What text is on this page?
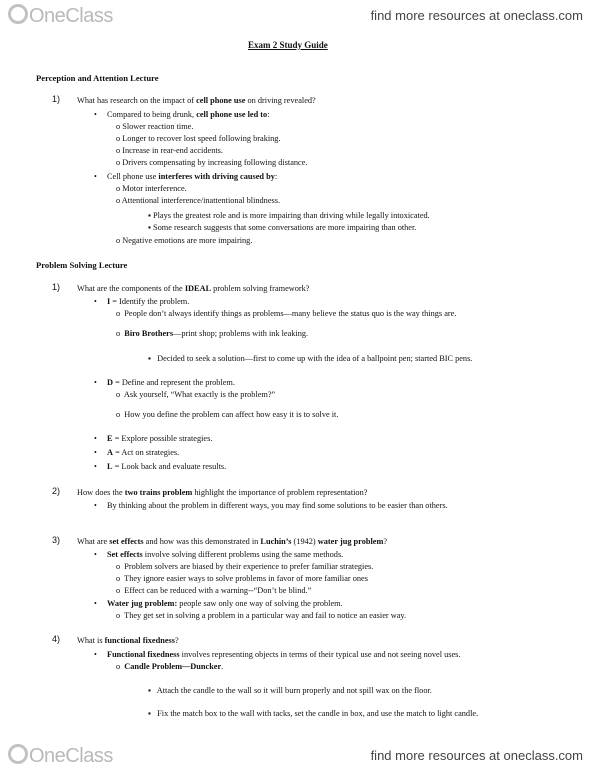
OneClass	find more resources at oneclass.com
Exam 2 Study Guide
Perception and Attention Lecture
1) What has research on the impact of cell phone use on driving revealed?
• Compared to being drunk, cell phone use led to:
o Slower reaction time.
o Longer to recover lost speed following braking.
o Increase in rear-end accidents.
o Drivers compensating by increasing following distance.
• Cell phone use interferes with driving caused by:
o Motor interference.
o Attentional interference/inattentional blindness.
▪ Plays the greatest role and is more impairing than driving while legally intoxicated.
▪ Some research suggests that some conversations are more impairing than other.
o Negative emotions are more impairing.
Problem Solving Lecture
1) What are the components of the IDEAL problem solving framework?
• I = Identify the problem.
o  People don’t always identify things as problems—many believe the status quo is the way things are.
o  Biro Brothers—print shop; problems with ink leaking.
▪   Decided to seek a solution—first to come up with the idea of a ballpoint pen; started BIC pens.
• D = Define and represent the problem.
o  Ask yourself, “What exactly is the problem?”
o  How you define the problem can affect how easy it is to solve it.
• E = Explore possible strategies.
• A = Act on strategies.
• L = Look back and evaluate results.
2) How does the two trains problem highlight the importance of problem representation?
• By thinking about the problem in different ways, you may find some solutions to be easier than others.
3) What are set effects and how was this demonstrated in Luchin’s (1942) water jug problem?
• Set effects involve solving different problems using the same methods.
o  Problem solvers are biased by their experience to prefer familiar strategies.
o  They ignore easier ways to solve problems in favor of more familiar ones
o  Effect can be reduced with a warning--“Don’t be blind.”
• Water jug problem: people saw only one way of solving the problem.
o  They get set in solving a problem in a particular way and fail to notice an easier way.
4) What is functional fixedness?
• Functional fixedness involves representing objects in terms of their typical use and not seeing novel uses.
o  Candle Problem—Duncker.
▪   Attach the candle to the wall so it will burn properly and not spill wax on the floor.
▪   Fix the match box to the wall with tacks, set the candle in box, and use the match to light candle.
OneClass	find more resources at oneclass.com
